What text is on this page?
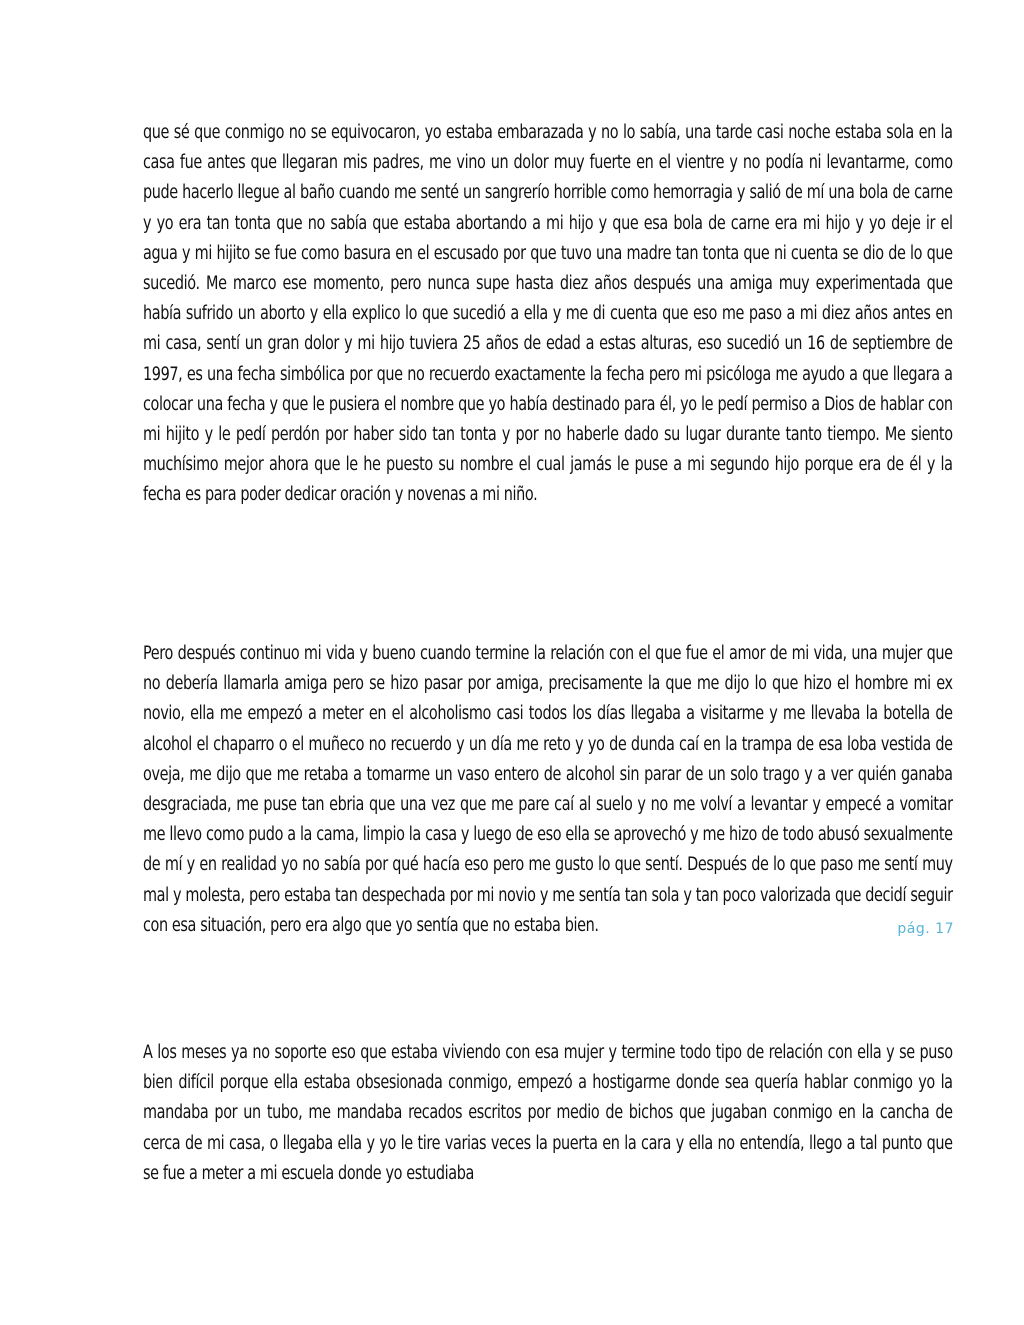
que sé que conmigo no se equivocaron, yo estaba embarazada y no lo sabía, una tarde casi noche estaba sola en la casa fue antes que llegaran mis padres, me vino un dolor muy fuerte en el vientre y no podía ni levantarme, como pude hacerlo llegue al baño cuando me senté un sangrerío horrible como hemorragia y salió de mí una bola de carne y yo era tan tonta que no sabía que estaba abortando a mi hijo y que esa bola de carne era mi hijo y yo deje ir el agua y mi hijito se fue como basura en el escusado por que tuvo una madre tan tonta que ni cuenta se dio de lo que sucedió. Me marco ese momento, pero nunca supe hasta diez años después una amiga muy experimentada que había sufrido un aborto y ella explico lo que sucedió a ella y me di cuenta que eso me paso a mi diez años antes en mi casa, sentí un gran dolor y mi hijo tuviera 25 años de edad a estas alturas, eso sucedió un 16 de septiembre de 1997, es una fecha simbólica por que no recuerdo exactamente la fecha pero mi psicóloga me ayudo a que llegara a colocar una fecha y que le pusiera el nombre que yo había destinado para él, yo le pedí permiso a Dios de hablar con mi hijito y le pedí perdón por haber sido tan tonta y por no haberle dado su lugar durante tanto tiempo. Me siento muchísimo mejor ahora que le he puesto su nombre el cual jamás le puse a mi segundo hijo porque era de él y la fecha es para poder dedicar oración y novenas a mi niño.

Pero después continuo mi vida y bueno cuando termine la relación con el que fue el amor de mi vida, una mujer que no debería llamarla amiga pero se hizo pasar por amiga, precisamente la que me dijo lo que hizo el hombre mi ex novio, ella me empezó a meter en el alcoholismo casi todos los días llegaba a visitarme y me llevaba la botella de alcohol el chaparro o el muñeco no recuerdo y un día me reto y yo de dunda caí en la trampa de esa loba vestida de oveja, me dijo que me retaba a tomarme un vaso entero de alcohol sin parar de un solo trago y a ver quién ganaba desgraciada, me puse tan ebria que una vez que me pare caí al suelo y no me volví a levantar y empecé a vomitar me llevo como pudo a la cama, limpio la casa y luego de eso ella se aprovechó y me hizo de todo abusó sexualmente de mí y en realidad yo no sabía por qué hacía eso pero me gusto lo que sentí. Después de lo que paso me sentí muy mal y molesta, pero estaba tan despechada por mi novio y me sentía tan sola y tan poco valorizada que decidí seguir con esa situación, pero era algo que yo sentía que no estaba bien.

A los meses ya no soporte eso que estaba viviendo con esa mujer y termine todo tipo de relación con ella y se puso bien difícil porque ella estaba obsesionada conmigo, empezó a hostigarme donde sea quería hablar conmigo yo la mandaba por un tubo, me mandaba recados escritos por medio de bichos que jugaban conmigo en la cancha de cerca de mi casa, o llegaba ella y yo le tire varias veces la puerta en la cara y ella no entendía, llego a tal punto que se fue a meter a mi escuela donde yo estudiaba

pág. 17
